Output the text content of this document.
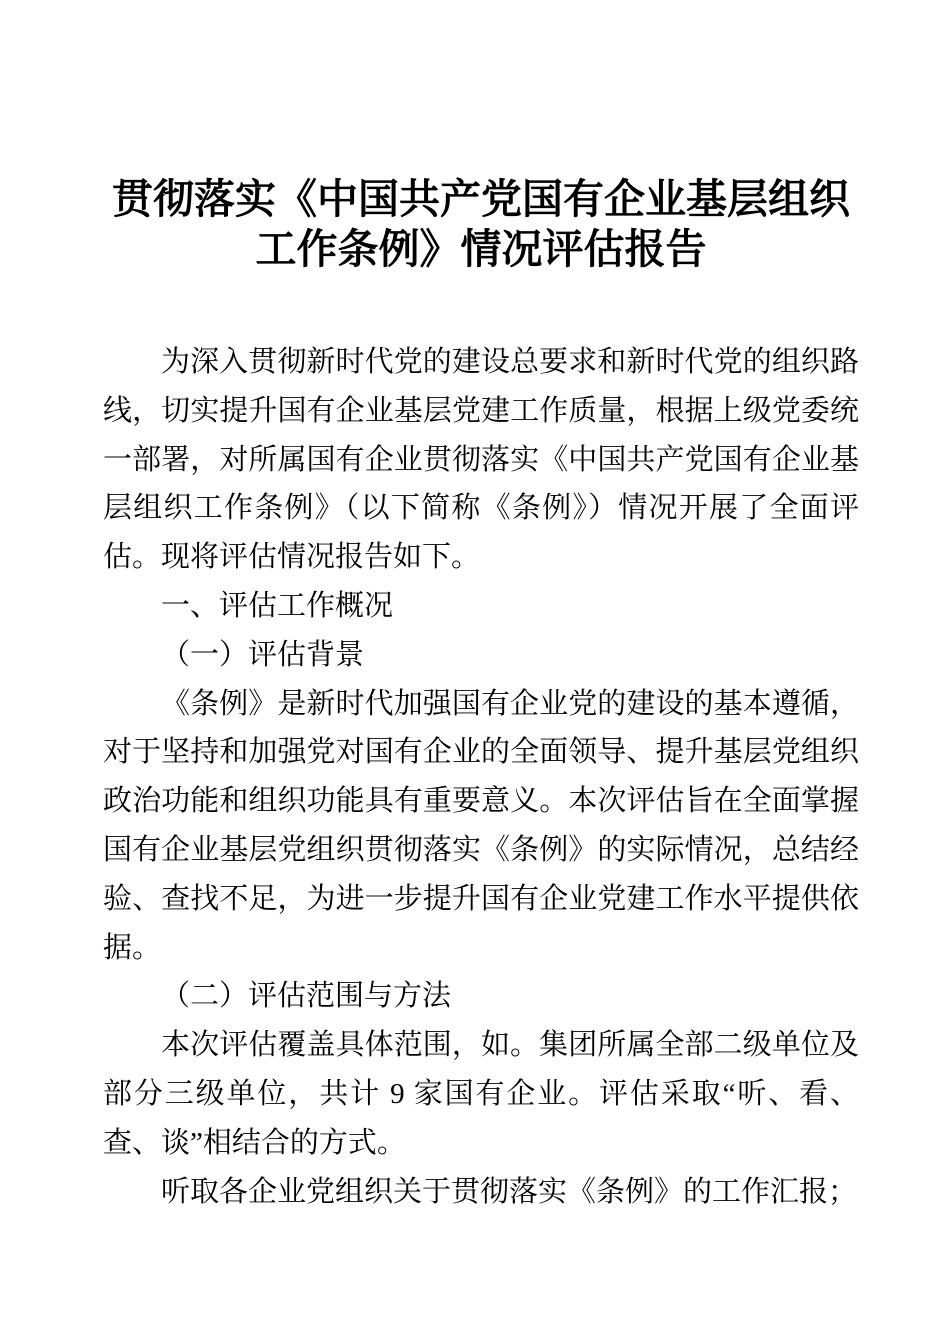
贯彻落实《中国共产党国有企业基层组织工作条例》情况评估报告

为深入贯彻新时代党的建设总要求和新时代党的组织路线，切实提升国有企业基层党建工作质量，根据上级党委统一部署，对所属国有企业贯彻落实《中国共产党国有企业基层组织工作条例》（以下简称《条例》）情况开展了全面评估。现将评估情况报告如下。

一、评估工作概况

（一）评估背景

《条例》是新时代加强国有企业党的建设的基本遵循，对于坚持和加强党对国有企业的全面领导、提升基层党组织政治功能和组织功能具有重要意义。本次评估旨在全面掌握国有企业基层党组织贯彻落实《条例》的实际情况，总结经验、查找不足，为进一步提升国有企业党建工作水平提供依据。

（二）评估范围与方法

本次评估覆盖具体范围，如。集团所属全部二级单位及部分三级单位，共计 9 家国有企业。评估采取“听、看、查、谈”相结合的方式。

听取各企业党组织关于贯彻落实《条例》的工作汇报；
